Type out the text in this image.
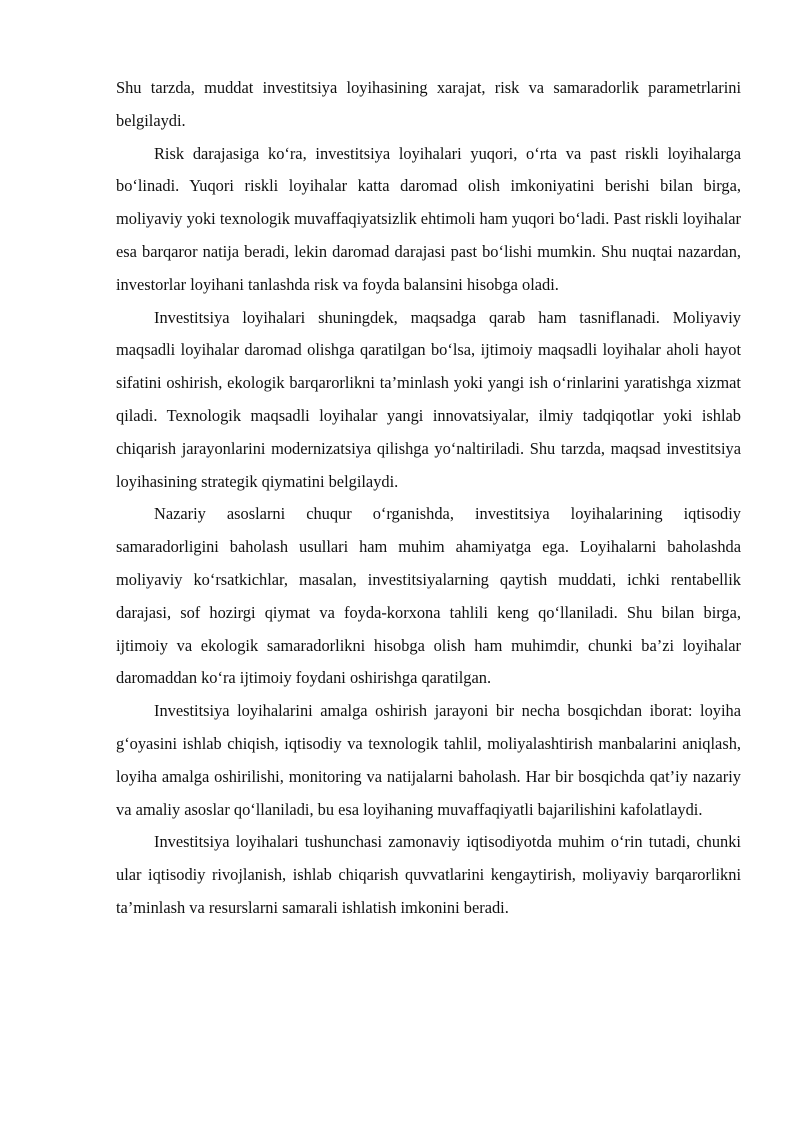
Shu tarzda, muddat investitsiya loyihasining xarajat, risk va samaradorlik parametrlarini belgilaydi.

Risk darajasiga ko‘ra, investitsiya loyihalari yuqori, o‘rta va past riskli loyihalarga bo‘linadi. Yuqori riskli loyihalar katta daromad olish imkoniyatini berishi bilan birga, moliyaviy yoki texnologik muvaffaqiyatsizlik ehtimoli ham yuqori bo‘ladi. Past riskli loyihalar esa barqaror natija beradi, lekin daromad darajasi past bo‘lishi mumkin. Shu nuqtai nazardan, investorlar loyihani tanlashda risk va foyda balansini hisobga oladi.

Investitsiya loyihalari shuningdek, maqsadga qarab ham tasniflanadi. Moliyaviy maqsadli loyihalar daromad olishga qaratilgan bo‘lsa, ijtimoiy maqsadli loyihalar aholi hayot sifatini oshirish, ekologik barqarorlikni ta’minlash yoki yangi ish o‘rinlarini yaratishga xizmat qiladi. Texnologik maqsadli loyihalar yangi innovatsiyalar, ilmiy tadqiqotlar yoki ishlab chiqarish jarayonlarini modernizatsiya qilishga yo‘naltiriladi. Shu tarzda, maqsad investitsiya loyihasining strategik qiymatini belgilaydi.

Nazariy asoslarni chuqur o‘rganishda, investitsiya loyihalarining iqtisodiy samaradorligini baholash usullari ham muhim ahamiyatga ega. Loyihalarni baholashda moliyaviy ko‘rsatkichlar, masalan, investitsiyalarning qaytish muddati, ichki rentabellik darajasi, sof hozirgi qiymat va foyda-korxona tahlili keng qo‘llaniladi. Shu bilan birga, ijtimoiy va ekologik samaradorlikni hisobga olish ham muhimdir, chunki ba’zi loyihalar daromaddan ko‘ra ijtimoiy foydani oshirishga qaratilgan.

Investitsiya loyihalarini amalga oshirish jarayoni bir necha bosqichdan iborat: loyiha g‘oyasini ishlab chiqish, iqtisodiy va texnologik tahlil, moliyalashtirish manbalarini aniqlash, loyiha amalga oshirilishi, monitoring va natijalarni baholash. Har bir bosqichda qat’iy nazariy va amaliy asoslar qo‘llaniladi, bu esa loyihaning muvaffaqiyatli bajarilishini kafolatlaydi.

Investitsiya loyihalari tushunchasi zamonaviy iqtisodiyotda muhim o‘rin tutadi, chunki ular iqtisodiy rivojlanish, ishlab chiqarish quvvatlarini kengaytirish, moliyaviy barqarorlikni ta’minlash va resurslarni samarali ishlatish imkonini beradi.
